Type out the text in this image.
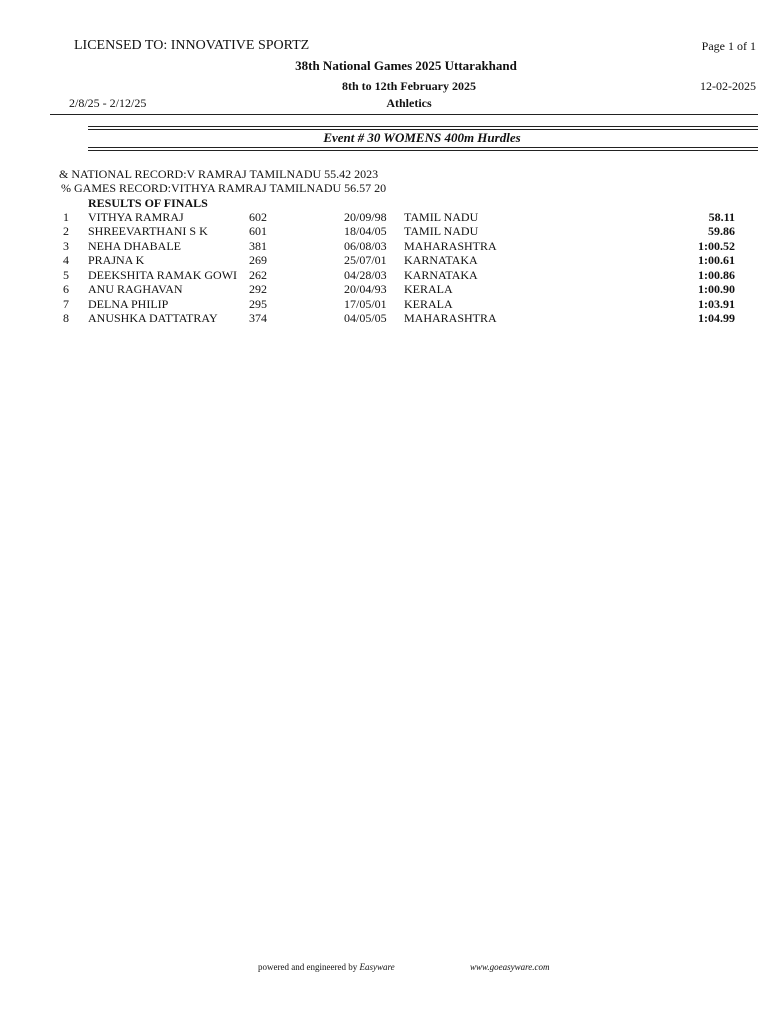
LICENSED TO: INNOVATIVE SPORTZ	Page 1 of 1
38th National Games 2025 Uttarakhand
8th to 12th February 2025	12-02-2025
2/8/25 - 2/12/25	Athletics
Event # 30 WOMENS 400m Hurdles
& NATIONAL RECORD:V RAMRAJ TAMILNADU 55.42 2023
% GAMES RECORD:VITHYA RAMRAJ TAMILNADU 56.57 20
RESULTS OF FINALS
1 VITHYA RAMRAJ	602	20/09/98 TAMIL NADU	58.11
2 SHREEVARTHANI S K	601	18/04/05 TAMIL NADU	59.86
3 NEHA DHABALE	381	06/08/03 MAHARASHTRA	1:00.52
4 PRAJNA K	269	25/07/01 KARNATAKA	1:00.61
5 DEEKSHITA RAMAK GOWI 262	04/28/03 KARNATAKA	1:00.86
6 ANU RAGHAVAN	292	20/04/93 KERALA	1:00.90
7 DELNA PHILIP	295	17/05/01 KERALA	1:03.91
8 ANUSHKA DATTATRAY	374	04/05/05 MAHARASHTRA	1:04.99
powered and engineered by Easyware	www.goeasyware.com
